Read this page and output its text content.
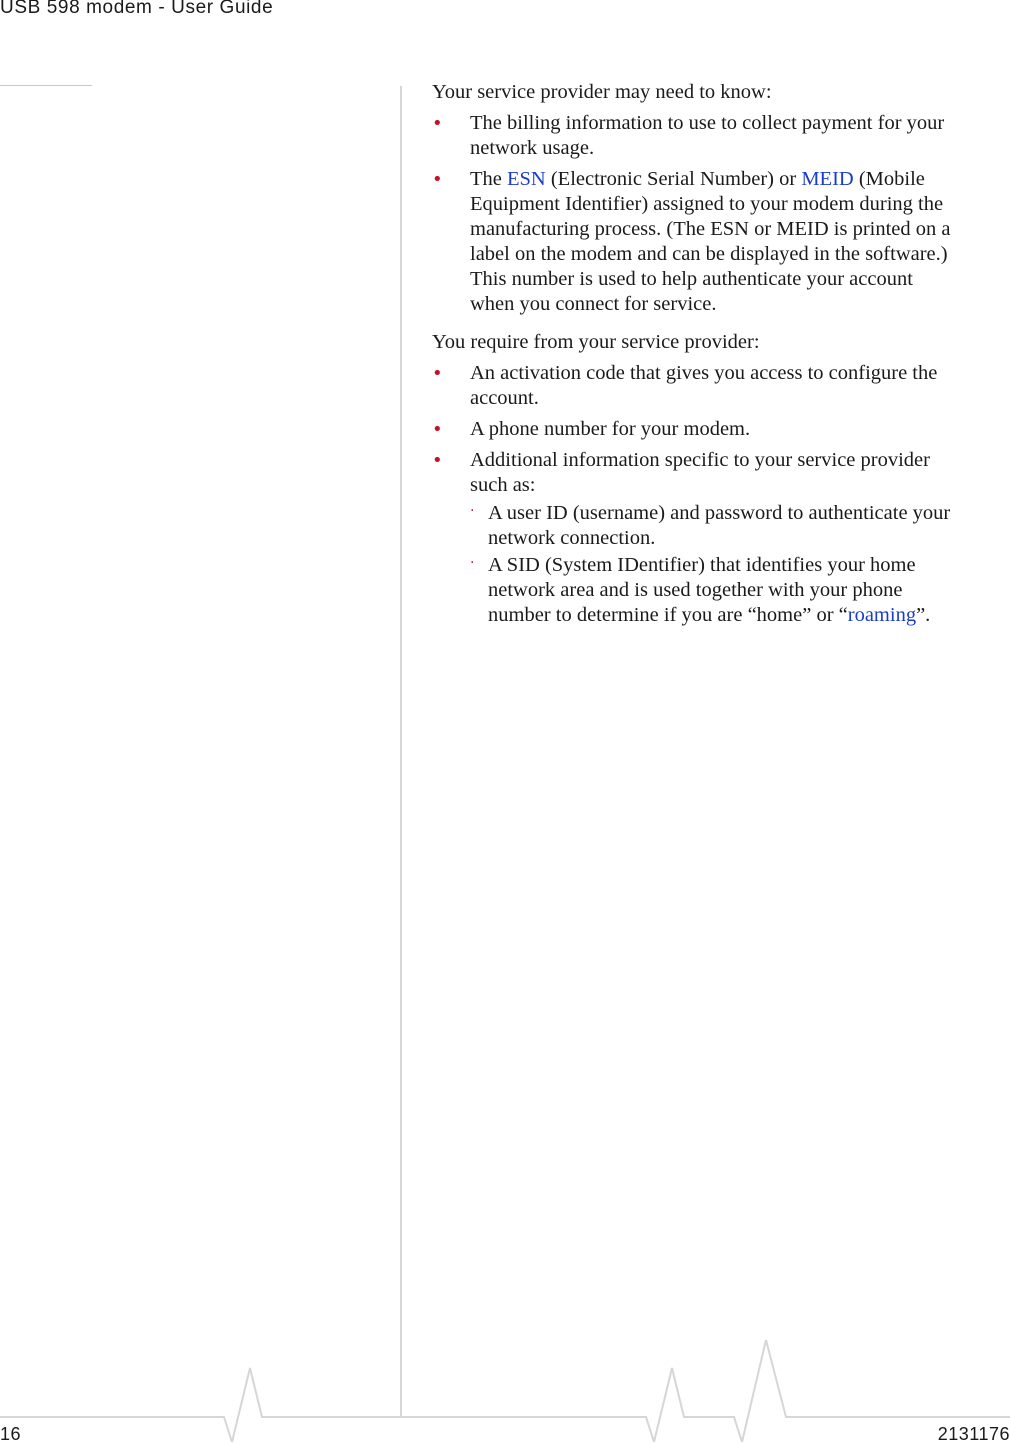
USB 598 modem - User Guide

Your service provider may need to know:

• The billing information to use to collect payment for your
network usage.
• The ESN (Electronic Serial Number) or MEID (Mobile
Equipment Identifier) assigned to your modem during the
manufacturing process. (The ESN or MEID is printed on a
label on the modem and can be displayed in the software.)
This number is used to help authenticate your account
when you connect for service.

You require from your service provider:

• An activation code that gives you access to configure the
account.
• A phone number for your modem.
• Additional information specific to your service provider
such as:
· A user ID (username) and password to authenticate your
network connection.
· A SID (System IDentifier) that identifies your home
network area and is used together with your phone
number to determine if you are “home” or “roaming”.
16	2131176
